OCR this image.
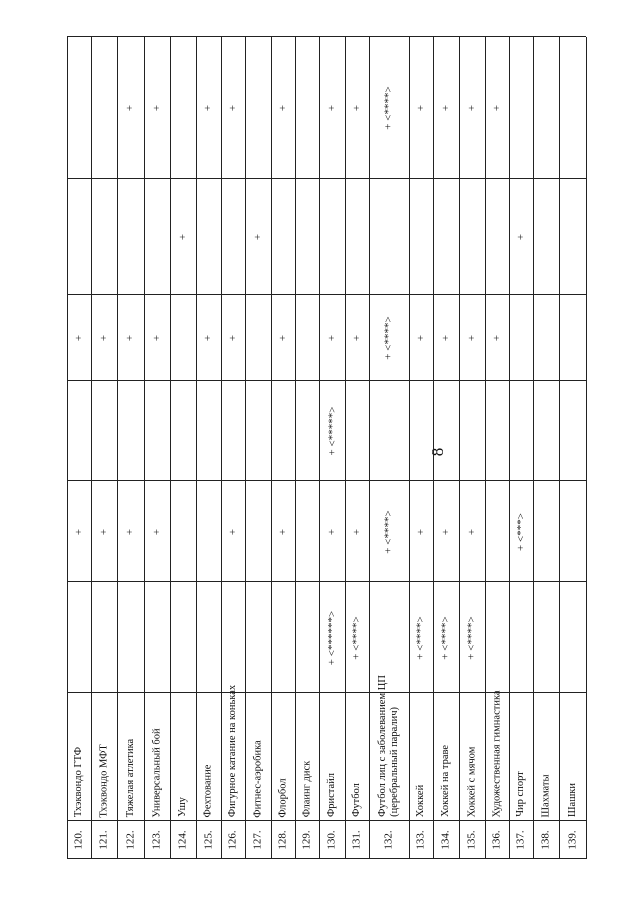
8
120.
Тхэквондо ГТФ
+
+
121.
Тхэквондо МФТ
+
+
122.
Тяжелая атлетика
+
+
+
123.
Универсальный бой
+
+
+
124.
Ушу
+
125.
Фехтование
+
+
126.
Фигурное катание на коньках
+
+
+
127.
Фитнес-аэробика
+
128.
Флорбол
+
+
+
129.
Флаинг диск
130.
Фристайл
+ <******>
+
+ <*****>
+
+
131.
Футбол
+ <****>
+
+
+
132.
Футбол лиц с заболеванием ЦП (церебральный паралич)
+ <****>
+ <****>
+ <****>
133.
Хоккей
+ <****>
+
+
+
134.
Хоккей на траве
+ <****>
+
+
+
135.
Хоккей с мячом
+ <****>
+
+
+
136.
Художественная гимнастика
+
+
137.
Чир спорт
+ <***>
+
138.
Шахматы
139.
Шашки
